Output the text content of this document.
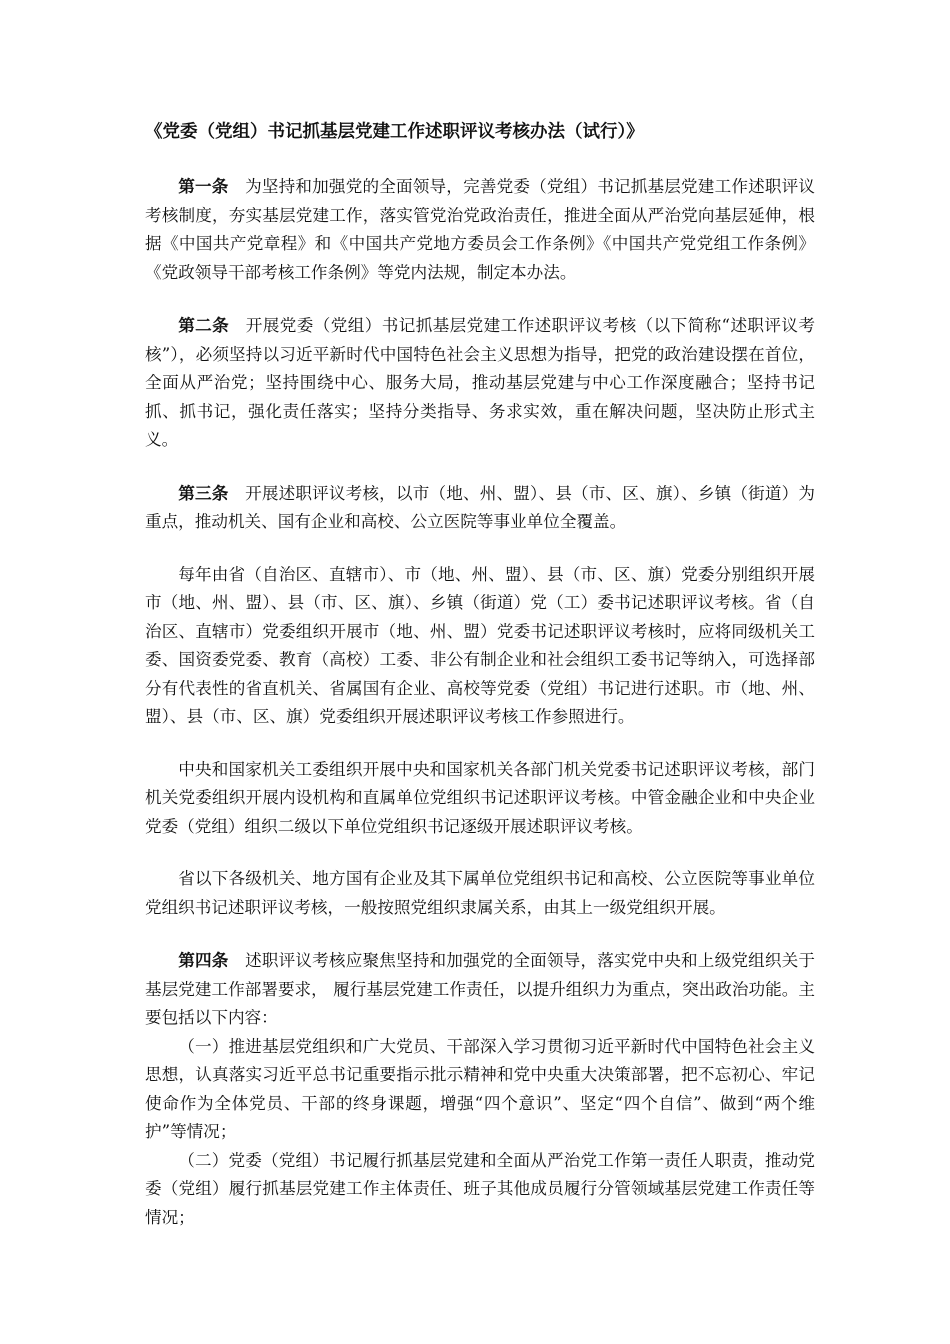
《党委（党组）书记抓基层党建工作述职评议考核办法（试行）》

第一条 为坚持和加强党的全面领导，完善党委（党组）书记抓基层党建工作述职评议考核制度，夯实基层党建工作，落实管党治党政治责任，推进全面从严治党向基层延伸，根据《中国共产党章程》和《中国共产党地方委员会工作条例》《中国共产党党组工作条例》《党政领导干部考核工作条例》等党内法规，制定本办法。

第二条 开展党委（党组）书记抓基层党建工作述职评议考核（以下简称“述职评议考核”），必须坚持以习近平新时代中国特色社会主义思想为指导，把党的政治建设摆在首位，全面从严治党；坚持围绕中心、服务大局，推动基层党建与中心工作深度融合；坚持书记抓、抓书记，强化责任落实；坚持分类指导、务求实效，重在解决问题，坚决防止形式主义。

第三条 开展述职评议考核，以市（地、州、盟）、县（市、区、旗）、乡镇（街道）为重点，推动机关、国有企业和高校、公立医院等事业单位全覆盖。

每年由省（自治区、直辖市）、市（地、州、盟）、县（市、区、旗）党委分别组织开展市（地、州、盟）、县（市、区、旗）、乡镇（街道）党（工）委书记述职评议考核。省（自治区、直辖市）党委组织开展市（地、州、盟）党委书记述职评议考核时，应将同级机关工委、国资委党委、教育（高校）工委、非公有制企业和社会组织工委书记等纳入，可选择部分有代表性的省直机关、省属国有企业、高校等党委（党组）书记进行述职。市（地、州、盟）、县（市、区、旗）党委组织开展述职评议考核工作参照进行。

中央和国家机关工委组织开展中央和国家机关各部门机关党委书记述职评议考核，部门机关党委组织开展内设机构和直属单位党组织书记述职评议考核。中管金融企业和中央企业党委（党组）组织二级以下单位党组织书记逐级开展述职评议考核。

省以下各级机关、地方国有企业及其下属单位党组织书记和高校、公立医院等事业单位党组织书记述职评议考核，一般按照党组织隶属关系，由其上一级党组织开展。

第四条 述职评议考核应聚焦坚持和加强党的全面领导，落实党中央和上级党组织关于基层党建工作部署要求， 履行基层党建工作责任，以提升组织力为重点，突出政治功能。主要包括以下内容：

（一）推进基层党组织和广大党员、干部深入学习贯彻习近平新时代中国特色社会主义思想，认真落实习近平总书记重要指示批示精神和党中央重大决策部署，把不忘初心、牢记使命作为全体党员、干部的终身课题，增强“四个意识”、坚定“四个自信”、做到“两个维护”等情况；

（二）党委（党组）书记履行抓基层党建和全面从严治党工作第一责任人职责，推动党委（党组）履行抓基层党建工作主体责任、班子其他成员履行分管领域基层党建工作责任等情况；
